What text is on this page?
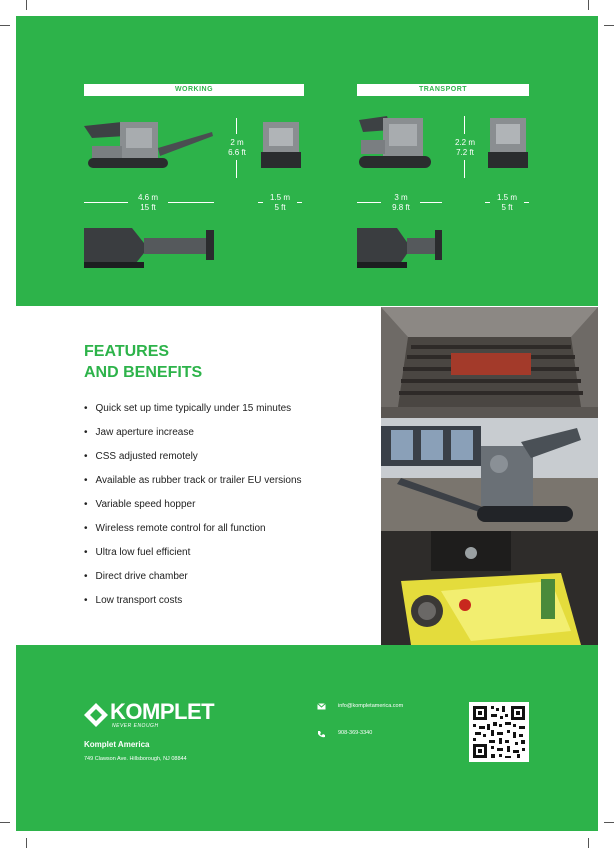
WORKING	TRANSPORT
2 m
6.6 ft
4.6 m
15 ft
1.5 m
5 ft
2.2 m
7.2 ft
3 m
9.8 ft
1.5 m
5 ft
FEATURES
AND BENEFITS
• Quick set up time typically under 15 minutes
• Jaw aperture increase
• CSS adjusted remotely
• Available as rubber track or trailer EU versions
• Variable speed hopper
• Wireless remote control for all function
• Ultra low fuel efficient
• Direct drive chamber
• Low transport costs
KOMPLET
NEVER ENOUGH
Komplet America
749 Clawson Ave. Hillsborough, NJ 08844
info@kompletamerica.com
908-369-3340
